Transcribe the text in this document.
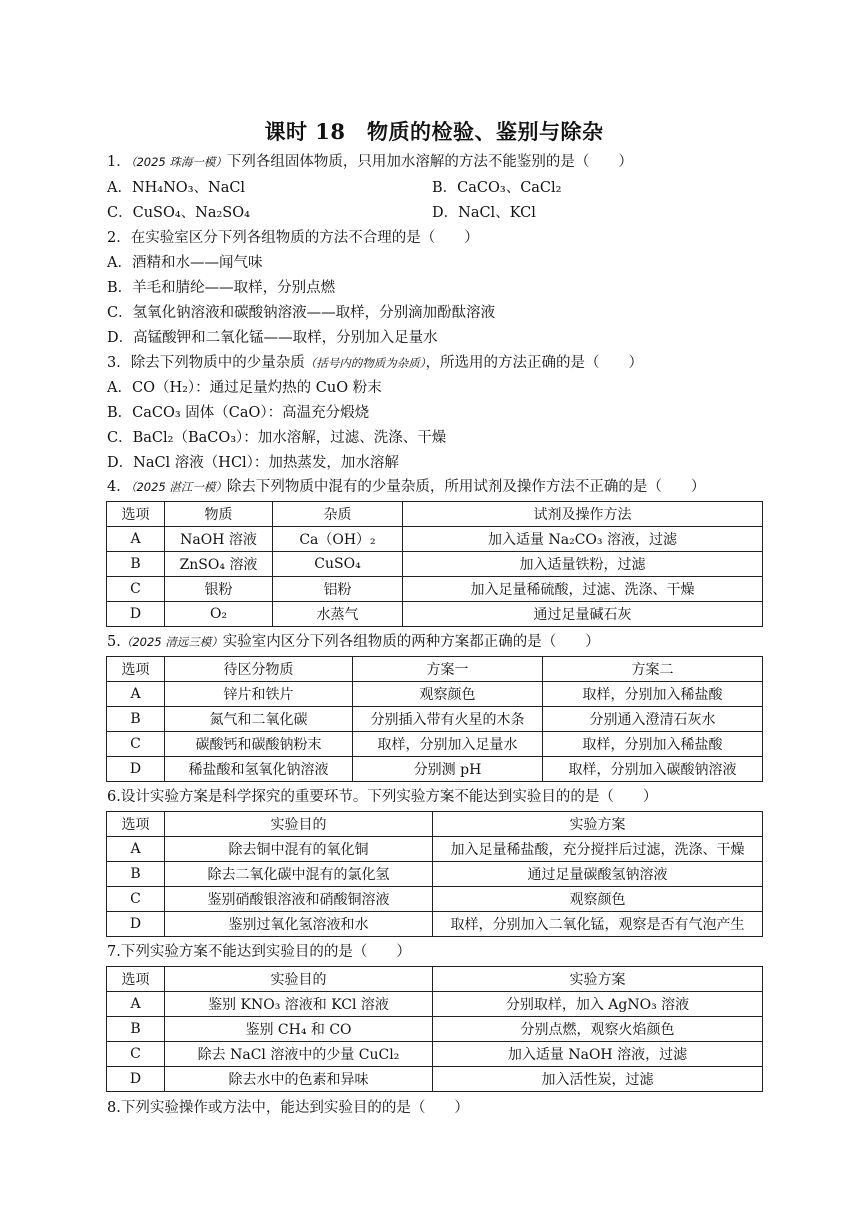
课时 18　物质的检验、鉴别与除杂
1．（2025 珠海一模）下列各组固体物质，只用加水溶解的方法不能鉴别的是（　　）
A．NH₄NO₃、NaCl	B．CaCO₃、CaCl₂
C．CuSO₄、Na₂SO₄	D．NaCl、KCl
2．在实验室区分下列各组物质的方法不合理的是（　　）
A．酒精和水——闻气味
B．羊毛和腈纶——取样，分别点燃
C．氢氧化钠溶液和碳酸钠溶液——取样，分别滴加酚酞溶液
D．高锰酸钾和二氧化锰——取样，分别加入足量水
3．除去下列物质中的少量杂质（括号内的物质为杂质），所选用的方法正确的是（　　）
A．CO（H₂）：通过足量灼热的 CuO 粉末
B．CaCO₃ 固体（CaO）：高温充分煅烧
C．BaCl₂（BaCO₃）：加水溶解，过滤、洗涤、干燥
D．NaCl 溶液（HCl）：加热蒸发，加水溶解
4．（2025 湛江一模）除去下列物质中混有的少量杂质，所用试剂及操作方法不正确的是（　　）
选项	物质	杂质	试剂及操作方法
A	NaOH 溶液	Ca（OH）₂	加入适量 Na₂CO₃ 溶液，过滤
B	ZnSO₄ 溶液	CuSO₄	加入适量铁粉，过滤
C	银粉	铝粉	加入足量稀硫酸，过滤、洗涤、干燥
D	O₂	水蒸气	通过足量碱石灰
5.（2025 清远三模）实验室内区分下列各组物质的两种方案都正确的是（　　）
选项	待区分物质	方案一	方案二
A	锌片和铁片	观察颜色	取样，分别加入稀盐酸
B	氮气和二氧化碳	分别插入带有火星的木条	分别通入澄清石灰水
C	碳酸钙和碳酸钠粉末	取样，分别加入足量水	取样，分别加入稀盐酸
D	稀盐酸和氢氧化钠溶液	分别测 pH	取样，分别加入碳酸钠溶液
6.设计实验方案是科学探究的重要环节。下列实验方案不能达到实验目的的是（　　）
选项	实验目的	实验方案
A	除去铜中混有的氧化铜	加入足量稀盐酸，充分搅拌后过滤，洗涤、干燥
B	除去二氧化碳中混有的氯化氢	通过足量碳酸氢钠溶液
C	鉴别硝酸银溶液和硝酸铜溶液	观察颜色
D	鉴别过氧化氢溶液和水	取样，分别加入二氧化锰，观察是否有气泡产生
7.下列实验方案不能达到实验目的的是（　　）
选项	实验目的	实验方案
A	鉴别 KNO₃ 溶液和 KCl 溶液	分别取样，加入 AgNO₃ 溶液
B	鉴别 CH₄ 和 CO	分别点燃，观察火焰颜色
C	除去 NaCl 溶液中的少量 CuCl₂	加入适量 NaOH 溶液，过滤
D	除去水中的色素和异味	加入活性炭，过滤
8.下列实验操作或方法中，能达到实验目的的是（　　）
